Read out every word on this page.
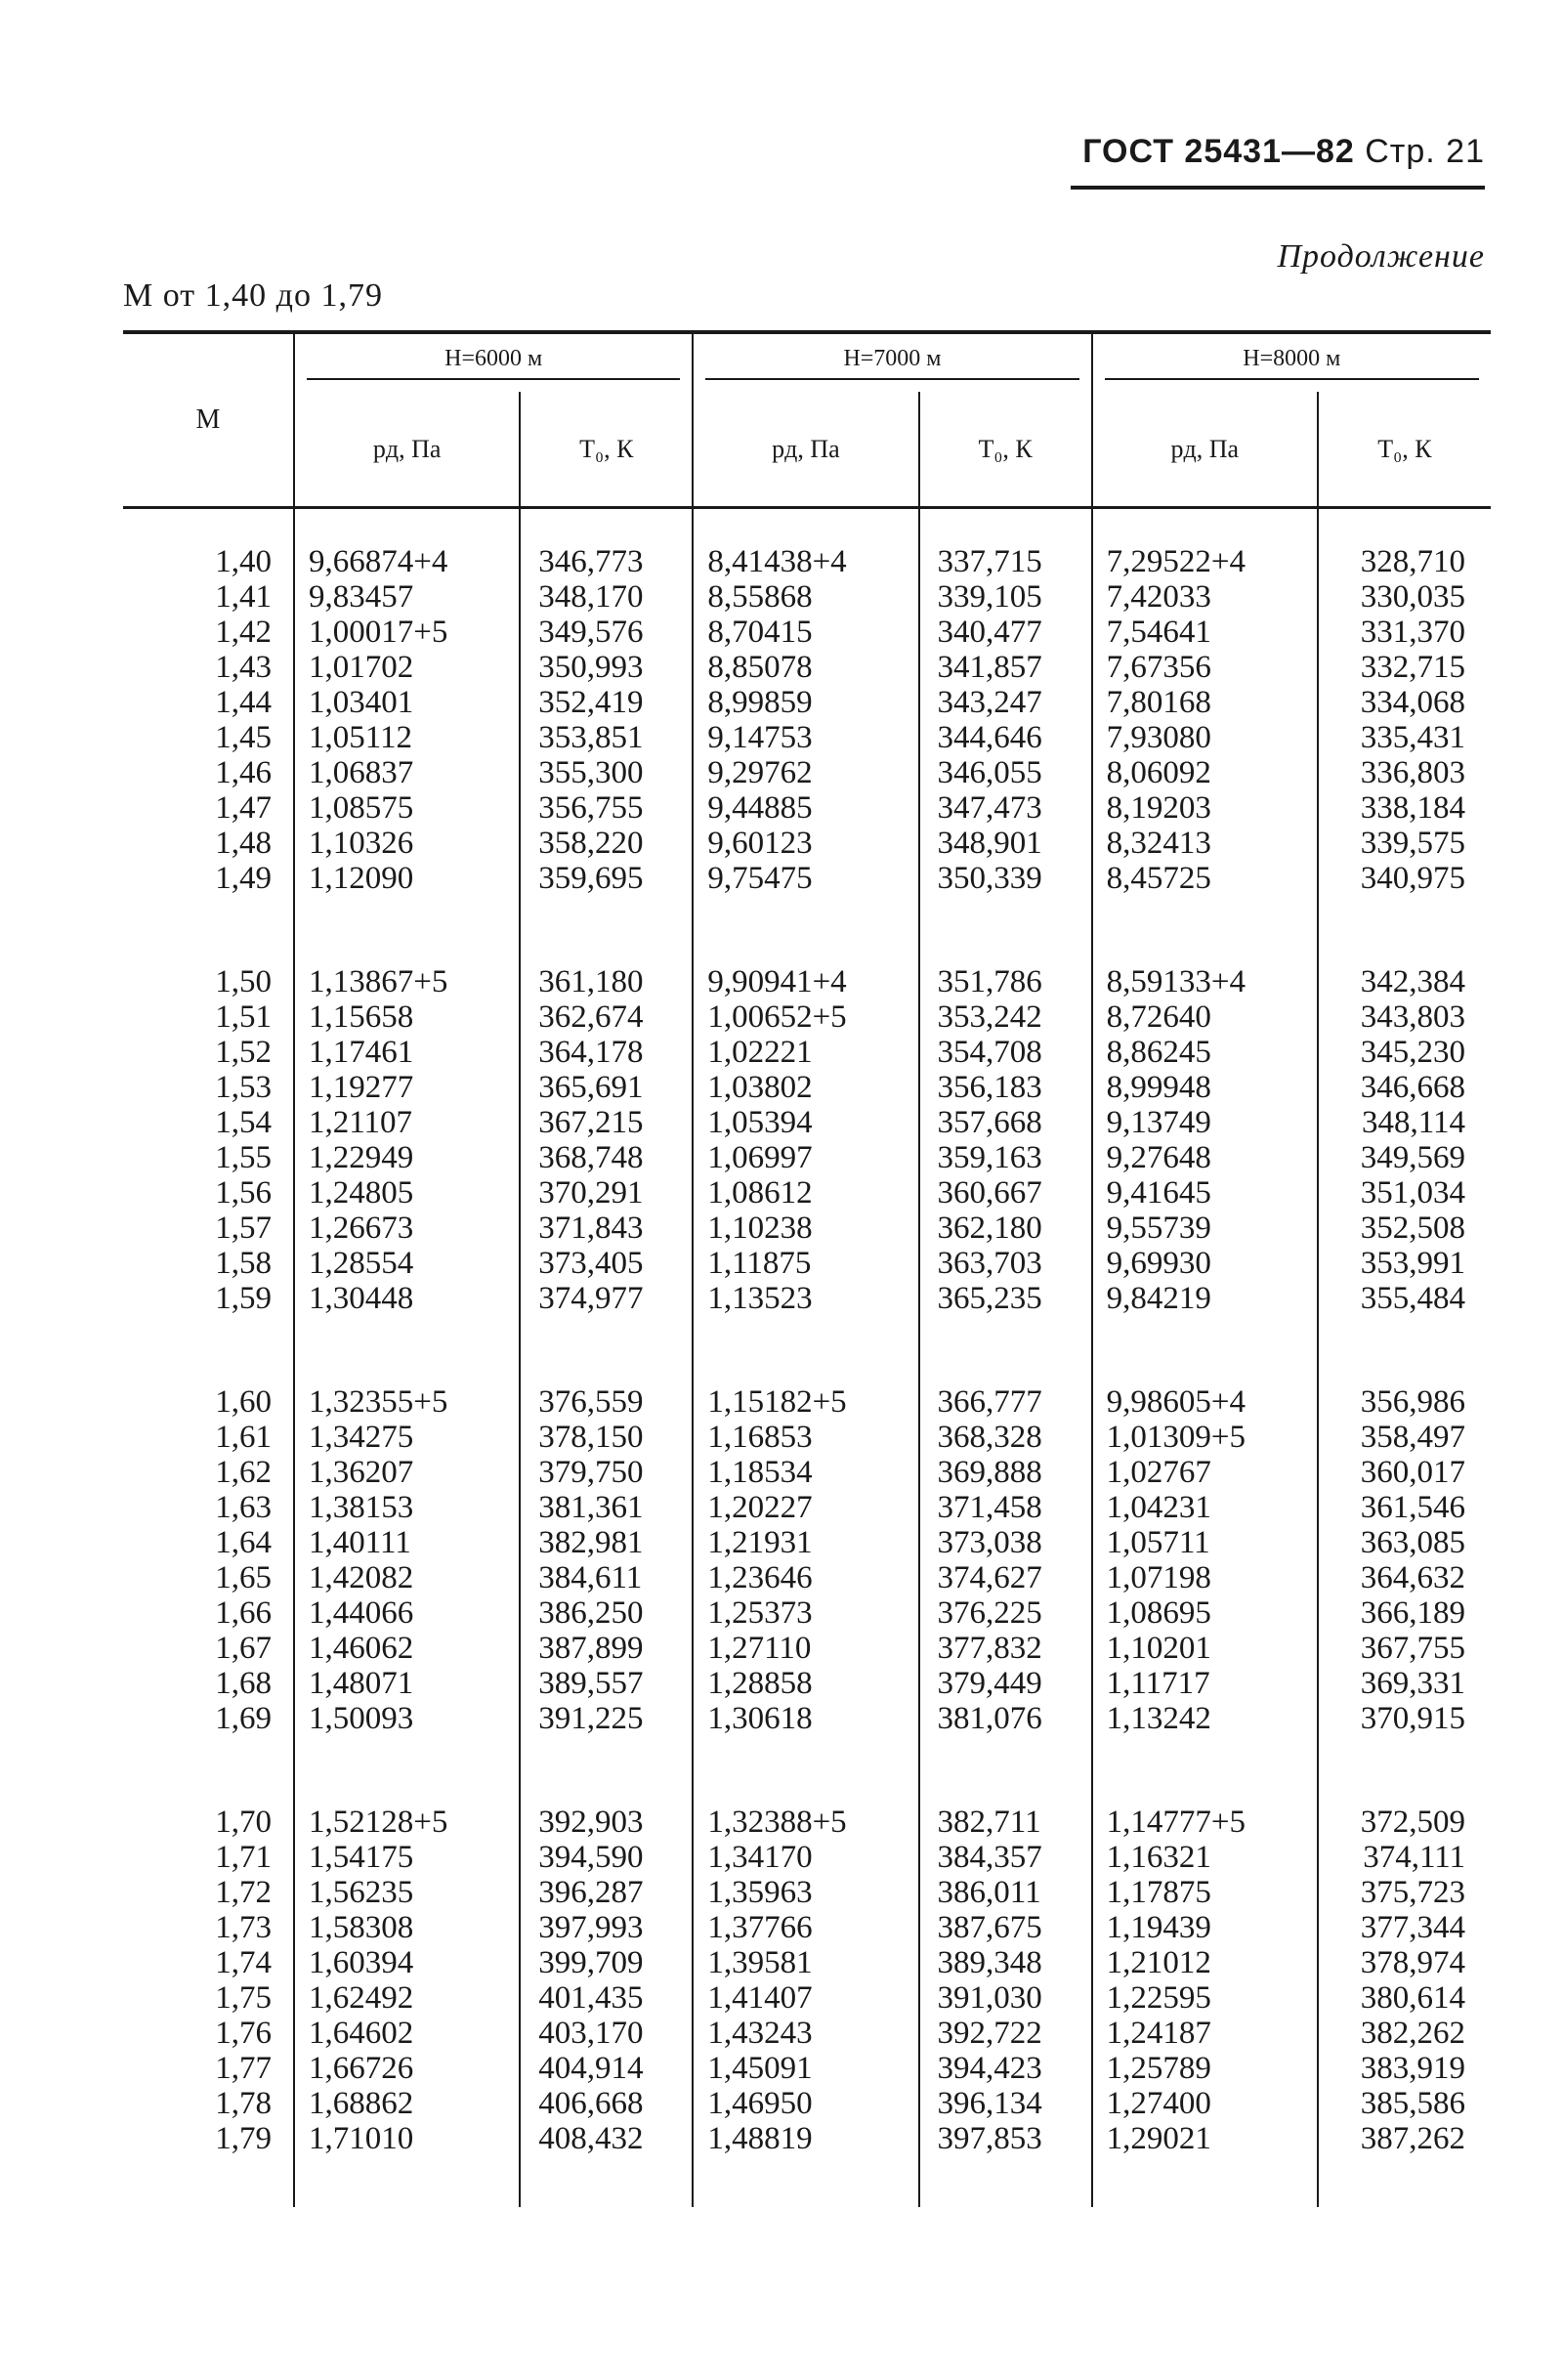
ГОСТ 25431—82 Стр. 21
Продолжение
М от 1,40 до 1,79
М	Н=6000 м		Н=7000 м		Н=8000 м	

	pд, Па	Т₀, К	pд, Па	Т₀, К	pд, Па	Т₀, К

1,40	9,66874+4	346,773	8,41438+4	337,715	7,29522+4	328,710
1,41	9,83457	348,170	8,55868	339,105	7,42033	330,035
1,42	1,00017+5	349,576	8,70415	340,477	7,54641	331,370
1,43	1,01702	350,993	8,85078	341,857	7,67356	332,715
1,44	1,03401	352,419	8,99859	343,247	7,80168	334,068
1,45	1,05112	353,851	9,14753	344,646	7,93080	335,431
1,46	1,06837	355,300	9,29762	346,055	8,06092	336,803
1,47	1,08575	356,755	9,44885	347,473	8,19203	338,184
1,48	1,10326	358,220	9,60123	348,901	8,32413	339,575
1,49	1,12090	359,695	9,75475	350,339	8,45725	340,975

1,50	1,13867+5	361,180	9,90941+4	351,786	8,59133+4	342,384
1,51	1,15658	362,674	1,00652+5	353,242	8,72640	343,803
1,52	1,17461	364,178	1,02221	354,708	8,86245	345,230
1,53	1,19277	365,691	1,03802	356,183	8,99948	346,668
1,54	1,21107	367,215	1,05394	357,668	9,13749	348,114
1,55	1,22949	368,748	1,06997	359,163	9,27648	349,569
1,56	1,24805	370,291	1,08612	360,667	9,41645	351,034
1,57	1,26673	371,843	1,10238	362,180	9,55739	352,508
1,58	1,28554	373,405	1,11875	363,703	9,69930	353,991
1,59	1,30448	374,977	1,13523	365,235	9,84219	355,484

1,60	1,32355+5	376,559	1,15182+5	366,777	9,98605+4	356,986
1,61	1,34275	378,150	1,16853	368,328	1,01309+5	358,497
1,62	1,36207	379,750	1,18534	369,888	1,02767	360,017
1,63	1,38153	381,361	1,20227	371,458	1,04231	361,546
1,64	1,40111	382,981	1,21931	373,038	1,05711	363,085
1,65	1,42082	384,611	1,23646	374,627	1,07198	364,632
1,66	1,44066	386,250	1,25373	376,225	1,08695	366,189
1,67	1,46062	387,899	1,27110	377,832	1,10201	367,755
1,68	1,48071	389,557	1,28858	379,449	1,11717	369,331
1,69	1,50093	391,225	1,30618	381,076	1,13242	370,915

1,70	1,52128+5	392,903	1,32388+5	382,711	1,14777+5	372,509
1,71	1,54175	394,590	1,34170	384,357	1,16321	374,111
1,72	1,56235	396,287	1,35963	386,011	1,17875	375,723
1,73	1,58308	397,993	1,37766	387,675	1,19439	377,344
1,74	1,60394	399,709	1,39581	389,348	1,21012	378,974
1,75	1,62492	401,435	1,41407	391,030	1,22595	380,614
1,76	1,64602	403,170	1,43243	392,722	1,24187	382,262
1,77	1,66726	404,914	1,45091	394,423	1,25789	383,919
1,78	1,68862	406,668	1,46950	396,134	1,27400	385,586
1,79	1,71010	408,432	1,48819	397,853	1,29021	387,262
